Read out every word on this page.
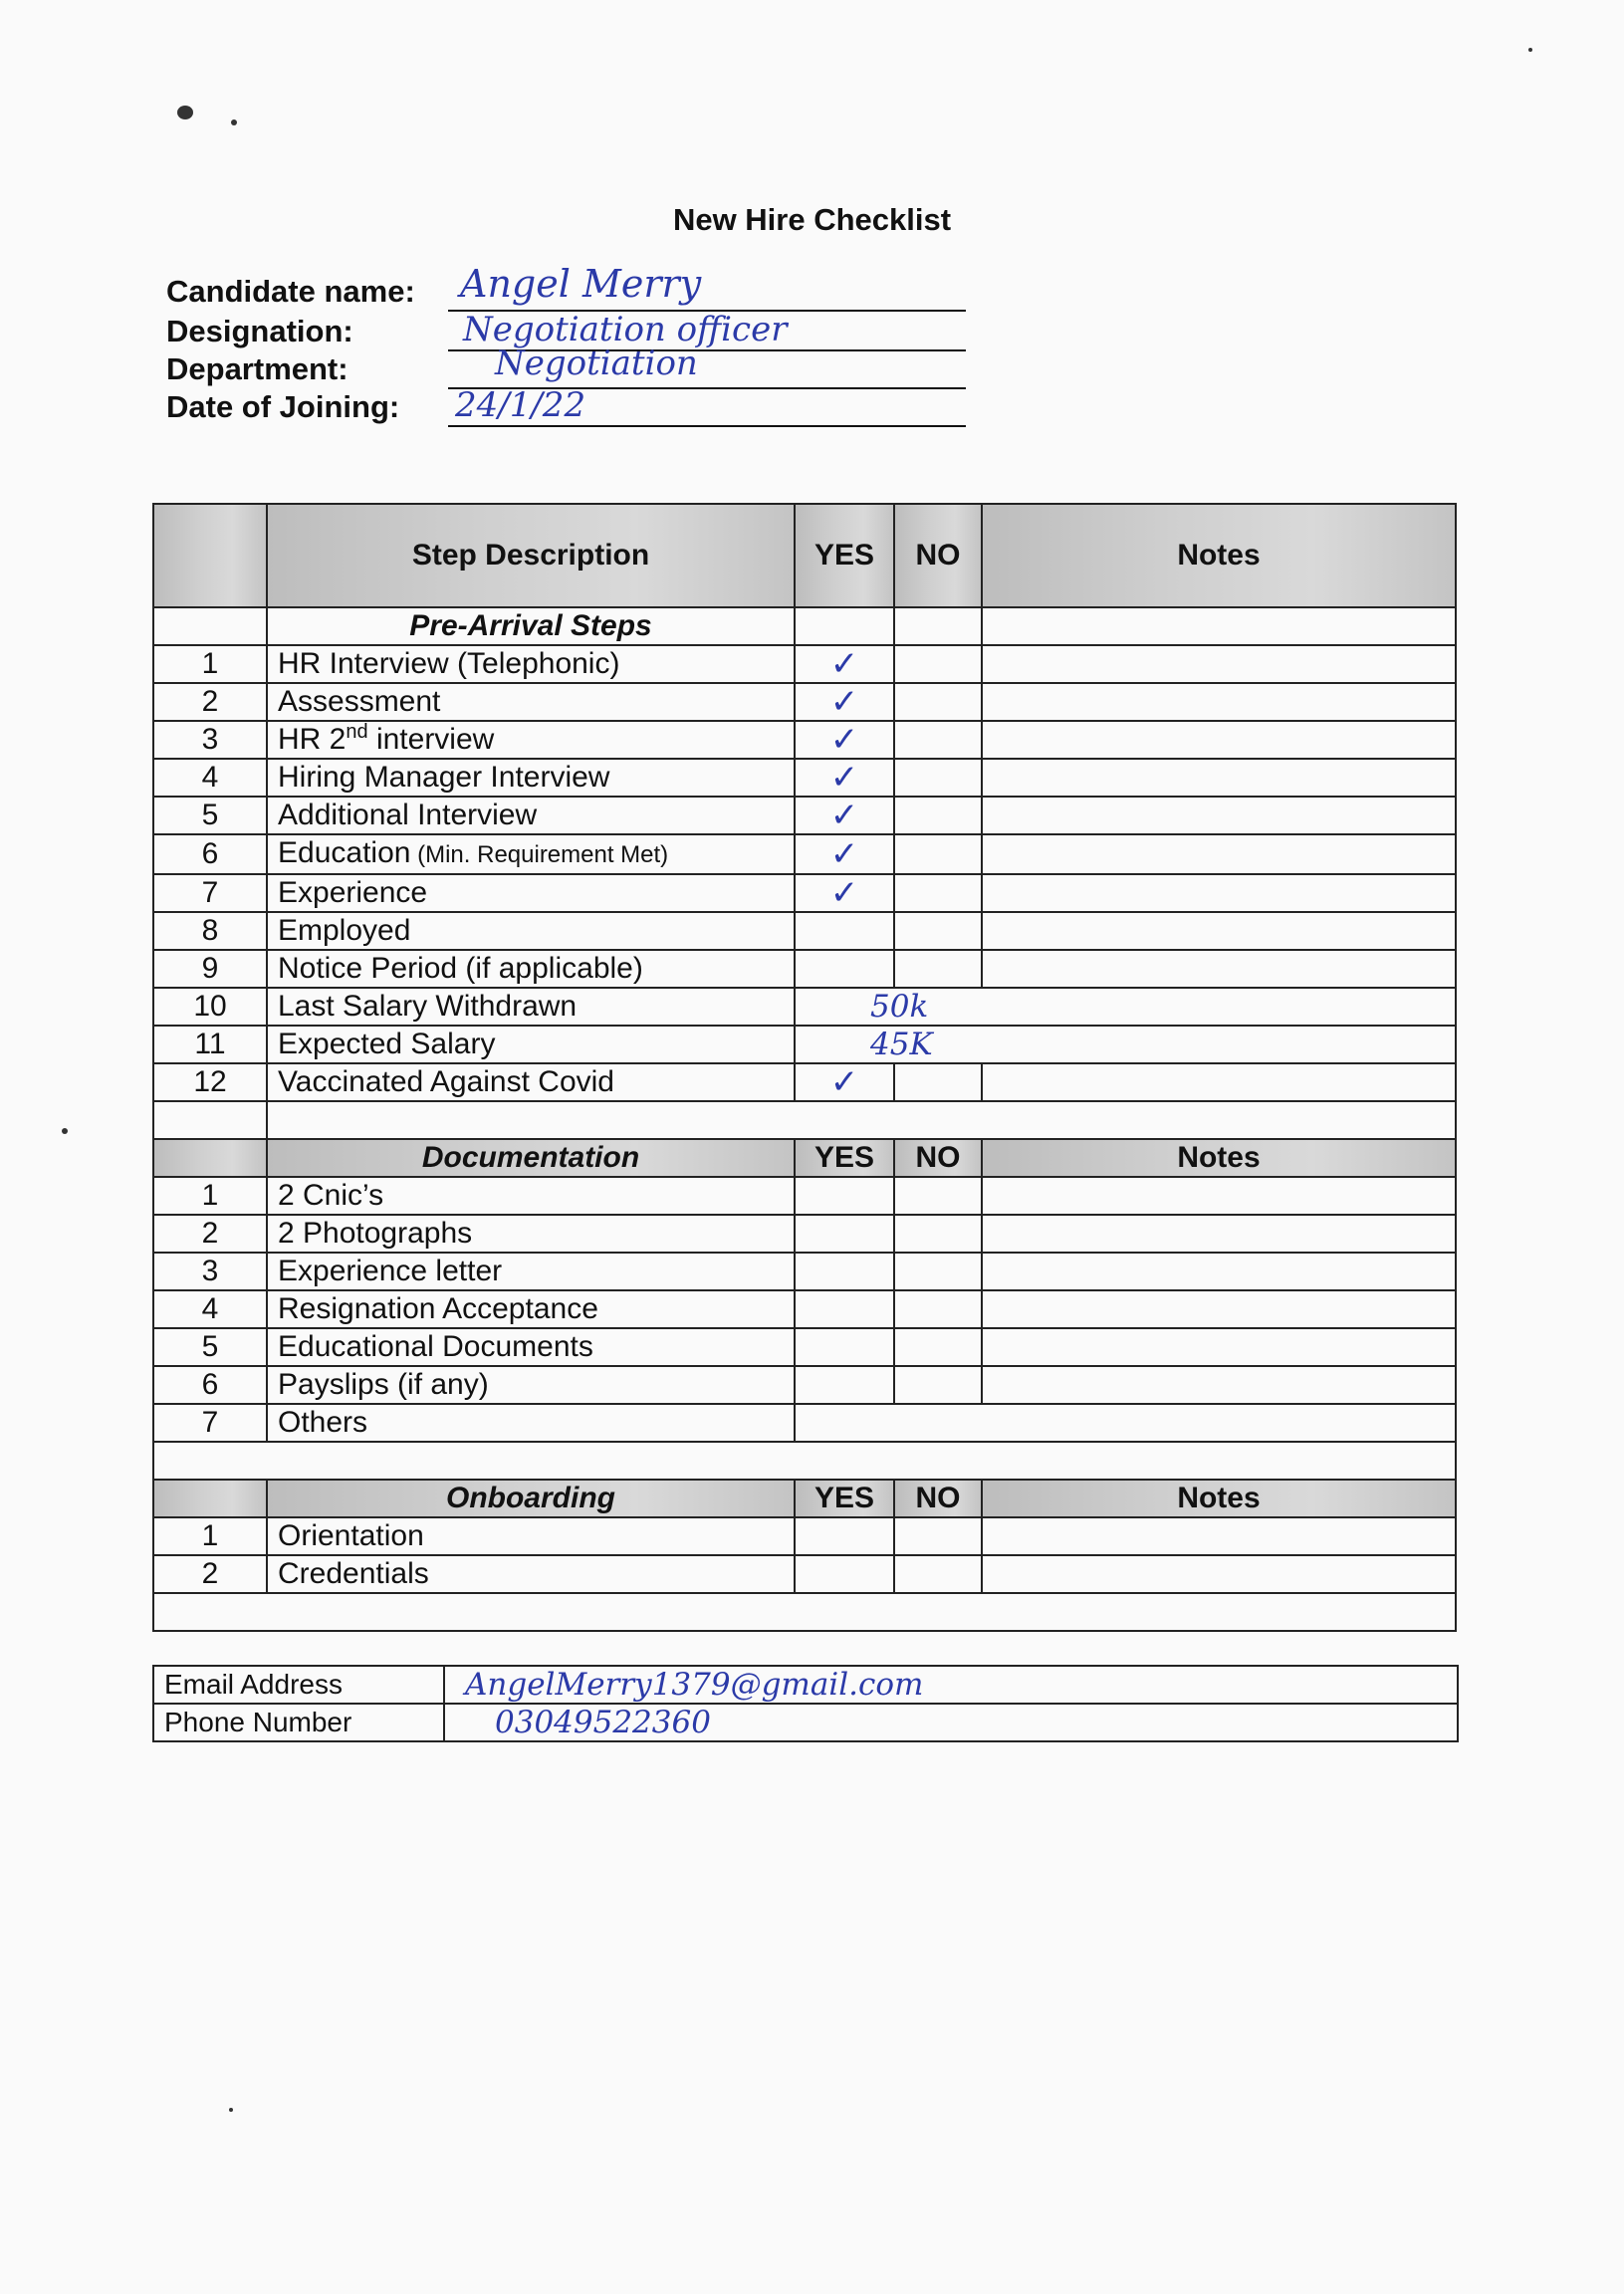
New Hire Checklist
Candidate name: Angel Merry
Designation:	Negotiation officer
Department:	Negotiation
Date of Joining: 24/1/22
	Step Description	YES	NO	Notes
	Pre-Arrival Steps			
1	HR Interview (Telephonic)	✓		
2	Assessment	✓		
3	HR 2nd interview	✓		
4	Hiring Manager Interview	✓		
5	Additional Interview	✓		
6	Education (Min. Requirement Met)	✓		
7	Experience	✓		
8	Employed			
9	Notice Period (if applicable)			
10	Last Salary Withdrawn	50k		
11	Expected Salary	45K		
12	Vaccinated Against Covid	✓		

	Documentation	YES	NO	Notes
1	2 Cnic’s			
2	2 Photographs			
3	Experience letter			
4	Resignation Acceptance			
5	Educational Documents			
6	Payslips (if any)			
7	Others			

	Onboarding	YES	NO	Notes
1	Orientation			
2	Credentials			

Email Address	AngelMerry1379@gmail.com
Phone Number	03049522360
